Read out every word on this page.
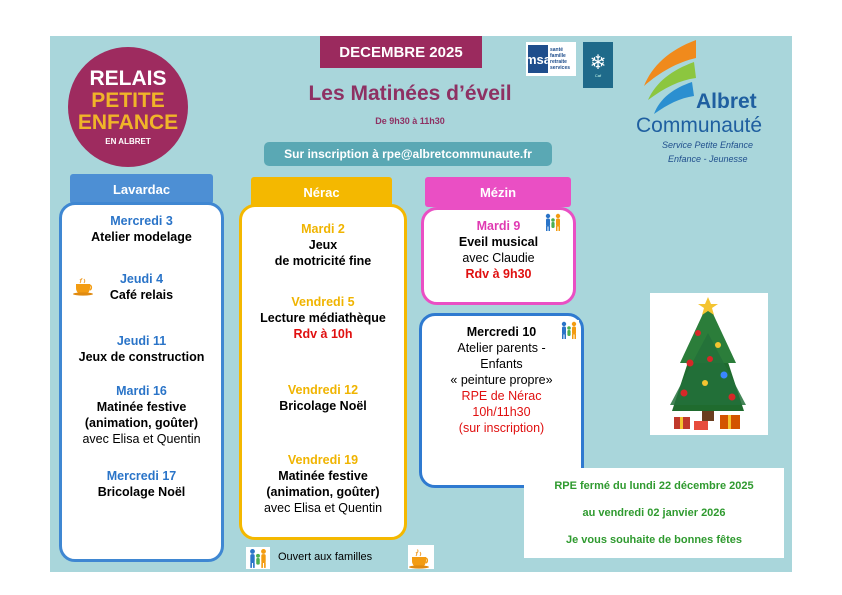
RELAIS
PETITE
ENFANCE
EN ALBRET
DECEMBRE 2025
Les Matinées d’éveil
De 9h30 à 11h30
Sur inscription à rpe@albretcommunaute.fr
msa
santé
famille
retraite
services ❄
Caf
Albret
Communauté
Service Petite Enfance
Enfance - Jeunesse
Lavardac	Nérac	Mézin
Mercredi 3
Atelier modelage
Jeudi 4
Café relais
Jeudi 11
Jeux de construction
Mardi 16
Matinée festive
(animation, goûter)
avec Elisa et Quentin
Mercredi 17
Bricolage Noël
Mardi 2
Jeux
de motricité fine
Vendredi 5
Lecture médiathèque
Rdv à 10h
Vendredi 12
Bricolage Noël
Vendredi 19
Matinée festive
(animation, goûter)
avec Elisa et Quentin
Mardi 9
Eveil musical
avec Claudie
Rdv à 9h30
Mercredi 10
Atelier parents -
Enfants
« peinture propre»
RPE de Nérac
10h/11h30
(sur inscription)
RPE fermé du lundi 22 décembre 2025
au vendredi 02 janvier 2026
Je vous souhaite de bonnes fêtes
Ouvert aux familles
